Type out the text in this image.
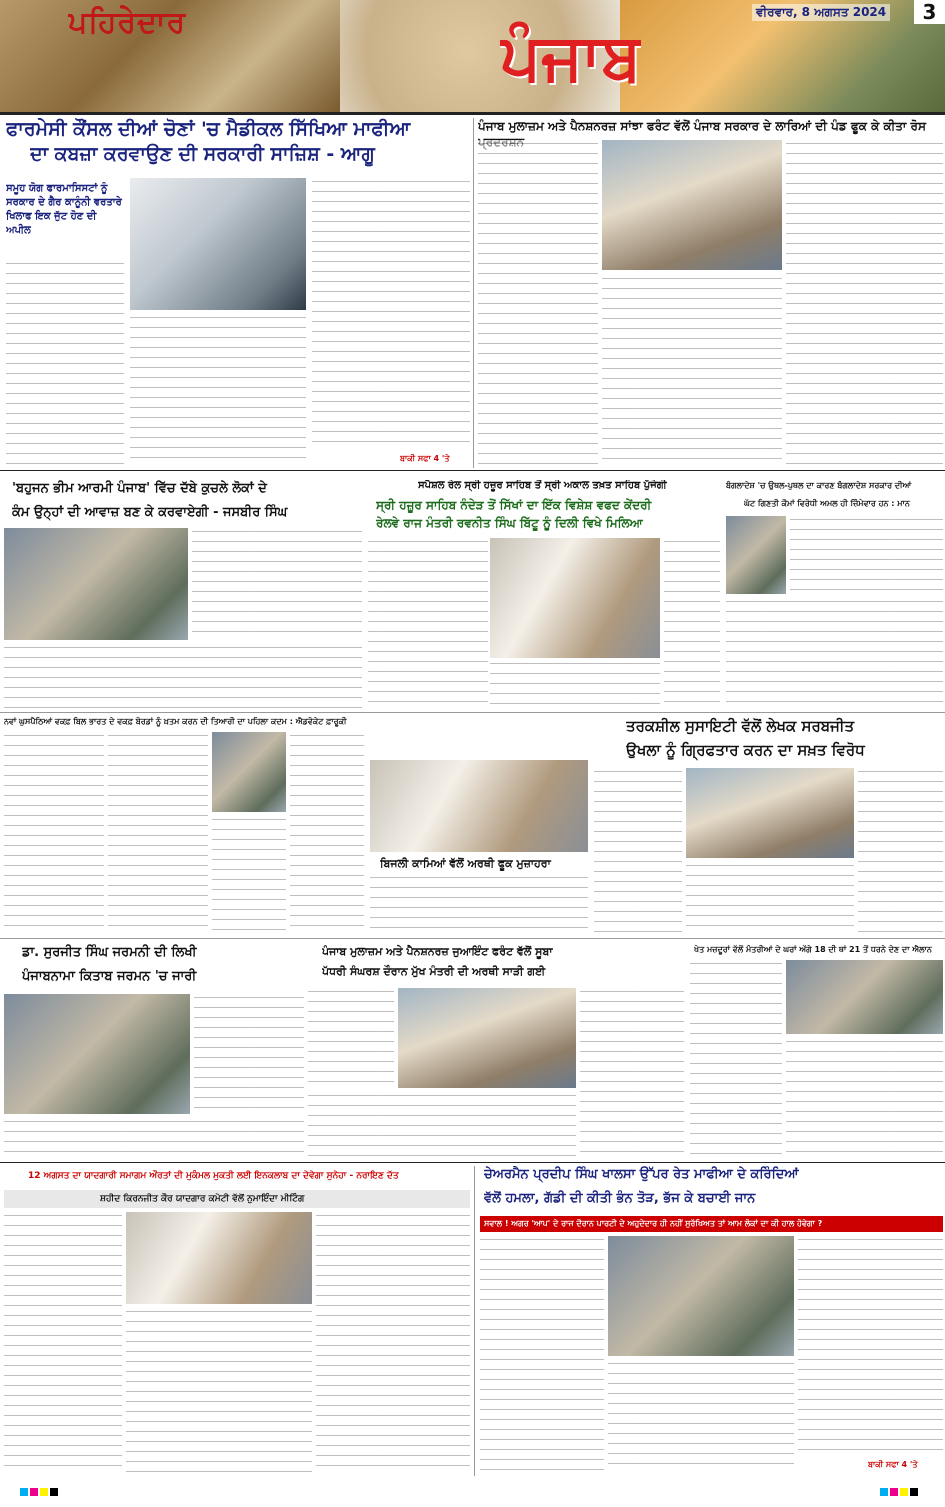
ਪਹਿਰੇਦਾਰ	ਪੰਜਾਬ
ਵੀਰਵਾਰ, 8 ਅਗਸਤ 2024	3
ਫਾਰਮੇਸੀ ਕੌਂਸਲ ਦੀਆਂ ਚੋਣਾਂ 'ਚ ਮੈਡੀਕਲ ਸਿੱਖਿਆ ਮਾਫੀਆ
ਦਾ ਕਬਜ਼ਾ ਕਰਵਾਉਣ ਦੀ ਸਰਕਾਰੀ ਸਾਜ਼ਿਸ਼ - ਆਗੂ
ਸਮੂਹ ਯੋਗ ਫਾਰਮਾਸਿਸਟਾਂ ਨੂੰ ਸਰਕਾਰ ਦੇ ਗੈਰ ਕਾਨੂੰਨੀ ਵਰਤਾਰੇ ਖਿਲਾਫ ਇਕ ਜੁੱਟ ਹੋਣ ਦੀ ਅਪੀਲ
ਬਾਕੀ ਸਫਾ 4 'ਤੇ
ਪੰਜਾਬ ਮੁਲਾਜ਼ਮ ਅਤੇ ਪੈਨਸ਼ਨਰਜ਼ ਸਾਂਝਾ ਫਰੰਟ ਵੱਲੋਂ ਪੰਜਾਬ ਸਰਕਾਰ ਦੇ ਲਾਰਿਆਂ ਦੀ ਪੰਡ ਫੂਕ ਕੇ ਕੀਤਾ ਰੋਸ
'ਬਹੁਜਨ ਭੀਮ ਆਰਮੀ ਪੰਜਾਬ' ਵਿੱਚ ਦੱਬੇ ਕੁਚਲੇ ਲੋਕਾਂ ਦੇ
ਕੰਮ ਉਨ੍ਹਾਂ ਦੀ ਆਵਾਜ਼ ਬਣ ਕੇ ਕਰਵਾਏਗੀ - ਜਸਬੀਰ ਸਿੰਘ
ਸਪੈਸ਼ਲ ਰੇਲ ਸ੍ਰੀ ਹਜ਼ੂਰ ਸਾਹਿਬ ਤੋਂ ਸ੍ਰੀ ਅਕਾਲ ਤਖ਼ਤ ਸਾਹਿਬ ਪੁੱਜੇਗੀ
ਸ੍ਰੀ ਹਜ਼ੂਰ ਸਾਹਿਬ ਨੰਦੇੜ ਤੋਂ ਸਿੱਖਾਂ ਦਾ ਇੱਕ ਵਿਸ਼ੇਸ਼ ਵਫਦ ਕੇਂਦਰੀ
ਰੇਲਵੇ ਰਾਜ ਮੰਤਰੀ ਰਵਨੀਤ ਸਿੰਘ ਬਿੱਟੂ ਨੂੰ ਦਿਲੀ ਵਿਖੇ ਮਿਲਿਆ
ਬੰਗਲਾਦੇਸ਼ 'ਚ ਉਥਲ-ਪੁਥਲ ਦਾ ਕਾਰਣ ਬੰਗਲਾਦੇਸ਼ ਸਰਕਾਰ ਦੀਆਂ
ਘੱਟ ਗਿਣਤੀ ਕੌਮਾਂ ਵਿਰੋਧੀ ਅਮਲ ਹੀ ਜ਼ਿੰਮੇਵਾਰ ਹਨ : ਮਾਨ
ਨਵਾਂ ਘੁਸਪੈਠਿਆਂ ਵਕਫ਼ ਬਿਲ ਭਾਰਤ ਦੇ ਵਕਫ਼ ਬੋਰਡਾਂ ਨੂੰ ਖ਼ਤਮ ਕਰਨ ਦੀ ਤਿਆਰੀ ਦਾ ਪਹਿਲਾ ਕਦਮ : ਐਡਵੋਕੇਟ ਫ਼ਾਰੂਕੀ	ਤਰਕਸ਼ੀਲ ਸੁਸਾਇਟੀ ਵੱਲੋਂ ਲੇਖਕ ਸਰਬਜੀਤ
ਉਖਲਾ ਨੂੰ ਗ੍ਰਿਫਤਾਰ ਕਰਨ ਦਾ ਸਖ਼ਤ ਵਿਰੋਧ
ਬਿਜਲੀ ਕਾਮਿਆਂ ਵੱਲੋਂ ਅਰਥੀ ਫੂਕ ਮੁਜ਼ਾਹਰਾ
ਡਾ. ਸੁਰਜੀਤ ਸਿੰਘ ਜਰਮਨੀ ਦੀ ਲਿਖੀ
ਪੰਜਾਬਨਾਮਾ ਕਿਤਾਬ ਜਰਮਨ 'ਚ ਜਾਰੀ
ਪੰਜਾਬ ਮੁਲਾਜ਼ਮ ਅਤੇ ਪੈਨਸ਼ਨਰਜ਼ ਜੁਆਇੰਟ ਫਰੰਟ ਵੱਲੋਂ ਸੂਬਾ
ਪੱਧਰੀ ਸੰਘਰਸ਼ ਦੌਰਾਨ ਮੁੱਖ ਮੰਤਰੀ ਦੀ ਅਰਥੀ ਸਾੜੀ ਗਈ
ਖੇਤ ਮਜ਼ਦੂਰਾਂ ਵੱਲੋਂ ਮੰਤਰੀਆਂ ਦੇ ਘਰਾਂ ਅੱਗੇ 18 ਦੀ ਥਾਂ 21 ਤੋਂ ਧਰਨੇ ਦੇਣ ਦਾ ਐਲਾਨ
12 ਅਗਸਤ ਦਾ ਯਾਦਗਾਰੀ ਸਮਾਗਮ ਔਰਤਾਂ ਦੀ ਮੁਕੰਮਲ ਮੁਕਤੀ ਲਈ ਇਨਕਲਾਬ ਦਾ ਦੇਵੇਗਾ ਸੁਨੇਹਾ - ਨਰਾਇਣ ਦੱਤ
ਸ਼ਹੀਦ ਕਿਰਨਜੀਤ ਕੌਰ ਯਾਦਗਾਰ ਕਮੇਟੀ ਵੱਲੋਂ ਨੁਮਾਇੰਦਾ ਮੀਟਿੰਗ
ਚੇਅਰਮੈਨ ਪ੍ਰਦੀਪ ਸਿੰਘ ਖਾਲਸਾ ਉੱਪਰ ਰੇਤ ਮਾਫੀਆ ਦੇ ਕਰਿੰਦਿਆਂ
ਵੱਲੋਂ ਹਮਲਾ, ਗੱਡੀ ਦੀ ਕੀਤੀ ਭੰਨ ਤੋੜ, ਭੱਜ ਕੇ ਬਚਾਈ ਜਾਨ
ਸਵਾਲ ! ਅਗਰ 'ਆਪ' ਦੇ ਰਾਜ ਦੌਰਾਨ ਪਾਰਟੀ ਦੇ ਅਹੁਦੇਦਾਰ ਹੀ ਨਹੀਂ ਸੁਰੱਖਿਅਤ ਤਾਂ ਆਮ ਲੋਕਾਂ ਦਾ ਕੀ ਹਾਲ ਹੋਵੇਗਾ ?
ਬਾਕੀ ਸਫਾ 4 'ਤੇ
